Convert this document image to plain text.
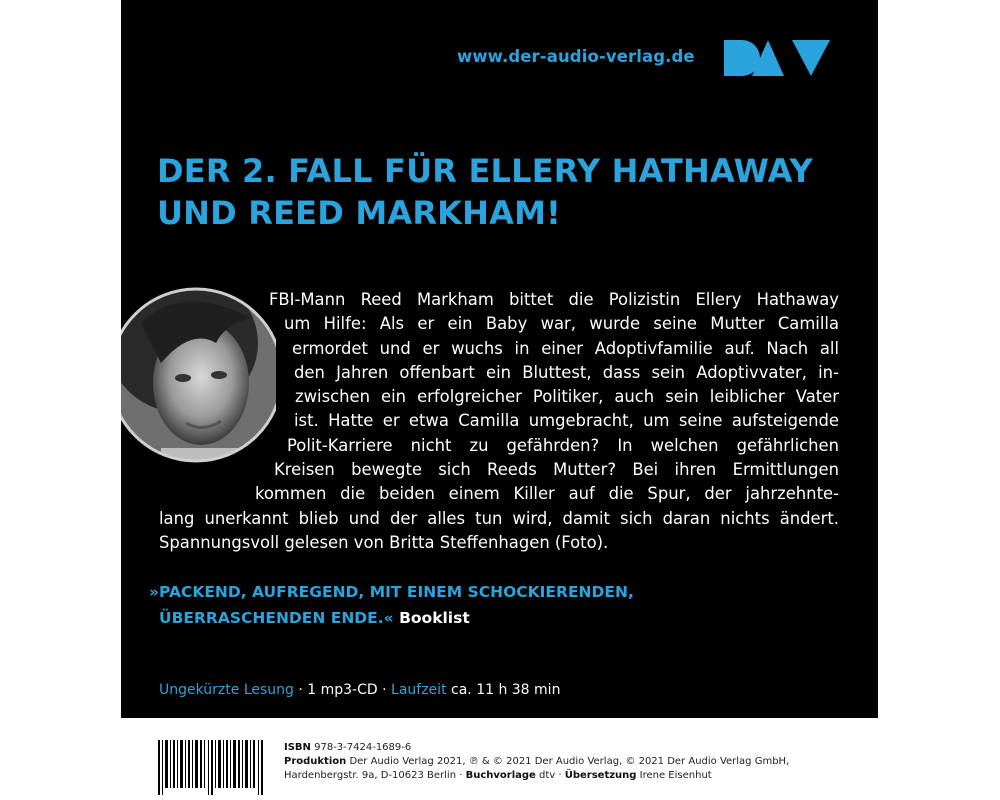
www.der-audio-verlag.de
DER 2. FALL FÜR ELLERY HATHAWAY
UND REED MARKHAM!
FBI-Mann Reed Markham bittet die Polizistin Ellery Hathaway
um Hilfe: Als er ein Baby war, wurde seine Mutter Camilla
ermordet und er wuchs in einer Adoptivfamilie auf. Nach all
den Jahren offenbart ein Bluttest, dass sein Adoptivvater, in-
zwischen ein erfolgreicher Politiker, auch sein leiblicher Vater
ist. Hatte er etwa Camilla umgebracht, um seine aufsteigende
Polit-Karriere nicht zu gefährden? In welchen gefährlichen
Kreisen bewegte sich Reeds Mutter? Bei ihren Ermittlungen
kommen die beiden einem Killer auf die Spur, der jahrzehnte-
lang unerkannt blieb und der alles tun wird, damit sich daran nichts ändert.
Spannungsvoll gelesen von Britta Steffenhagen (Foto).
»PACKEND, AUFREGEND, MIT EINEM SCHOCKIERENDEN,
ÜBERRASCHENDEN ENDE.« Booklist
Ungekürzte Lesung · 1 mp3-CD · Laufzeit ca. 11 h 38 min
ISBN 978-3-7424-1689-6
Produktion Der Audio Verlag 2021, ℗ & © 2021 Der Audio Verlag, © 2021 Der Audio Verlag GmbH,
Hardenbergstr. 9a, D-10623 Berlin · Buchvorlage dtv · Übersetzung Irene Eisenhut
